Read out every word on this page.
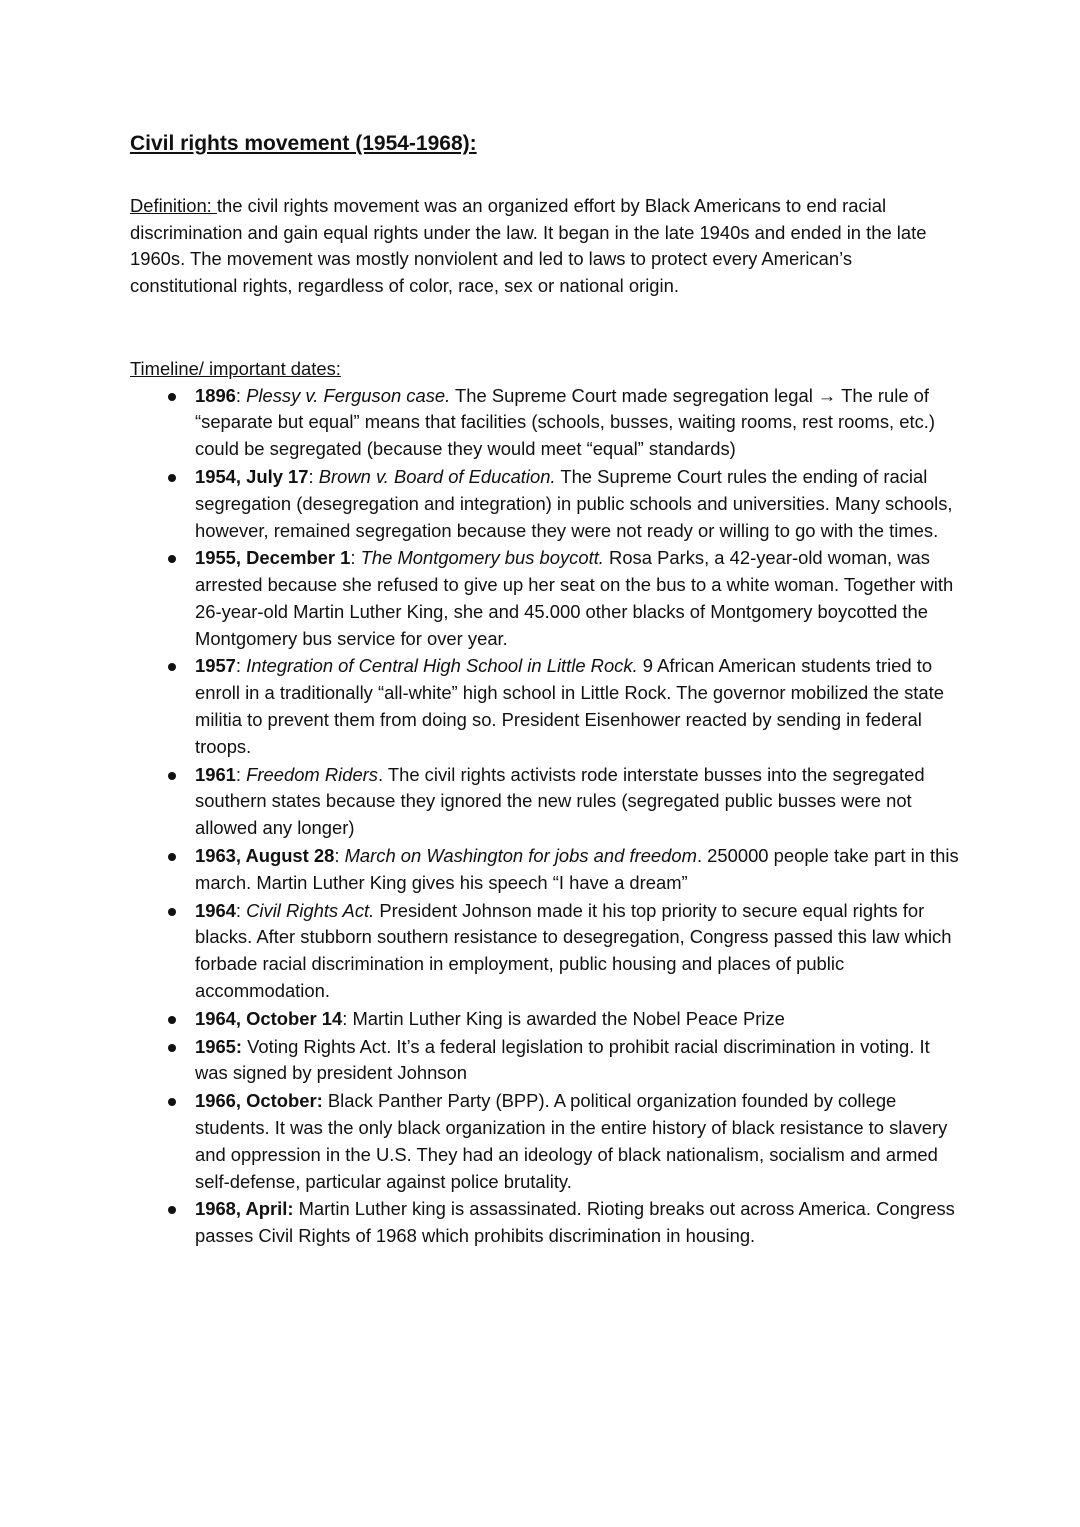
Civil rights movement (1954-1968):

Definition: the civil rights movement was an organized effort by Black Americans to end racial discrimination and gain equal rights under the law. It began in the late 1940s and ended in the late 1960s. The movement was mostly nonviolent and led to laws to protect every American’s constitutional rights, regardless of color, race, sex or national origin.

Timeline/ important dates:
1896: Plessy v. Ferguson case. The Supreme Court made segregation legal → The rule of “separate but equal” means that facilities (schools, busses, waiting rooms, rest rooms, etc.) could be segregated (because they would meet “equal” standards)
1954, July 17: Brown v. Board of Education. The Supreme Court rules the ending of racial segregation (desegregation and integration) in public schools and universities. Many schools, however, remained segregation because they were not ready or willing to go with the times.
1955, December 1: The Montgomery bus boycott. Rosa Parks, a 42-year-old woman, was arrested because she refused to give up her seat on the bus to a white woman. Together with 26-year-old Martin Luther King, she and 45.000 other blacks of Montgomery boycotted the Montgomery bus service for over year.
1957: Integration of Central High School in Little Rock. 9 African American students tried to enroll in a traditionally “all-white” high school in Little Rock. The governor mobilized the state militia to prevent them from doing so. President Eisenhower reacted by sending in federal troops.
1961: Freedom Riders. The civil rights activists rode interstate busses into the segregated southern states because they ignored the new rules (segregated public busses were not allowed any longer)
1963, August 28: March on Washington for jobs and freedom. 250000 people take part in this march. Martin Luther King gives his speech “I have a dream”
1964: Civil Rights Act. President Johnson made it his top priority to secure equal rights for blacks. After stubborn southern resistance to desegregation, Congress passed this law which forbade racial discrimination in employment, public housing and places of public accommodation.
1964, October 14: Martin Luther King is awarded the Nobel Peace Prize
1965: Voting Rights Act. It’s a federal legislation to prohibit racial discrimination in voting. It was signed by president Johnson
1966, October: Black Panther Party (BPP). A political organization founded by college students. It was the only black organization in the entire history of black resistance to slavery and oppression in the U.S. They had an ideology of black nationalism, socialism and armed self-defense, particular against police brutality.
1968, April: Martin Luther king is assassinated. Rioting breaks out across America. Congress passes Civil Rights of 1968 which prohibits discrimination in housing.
